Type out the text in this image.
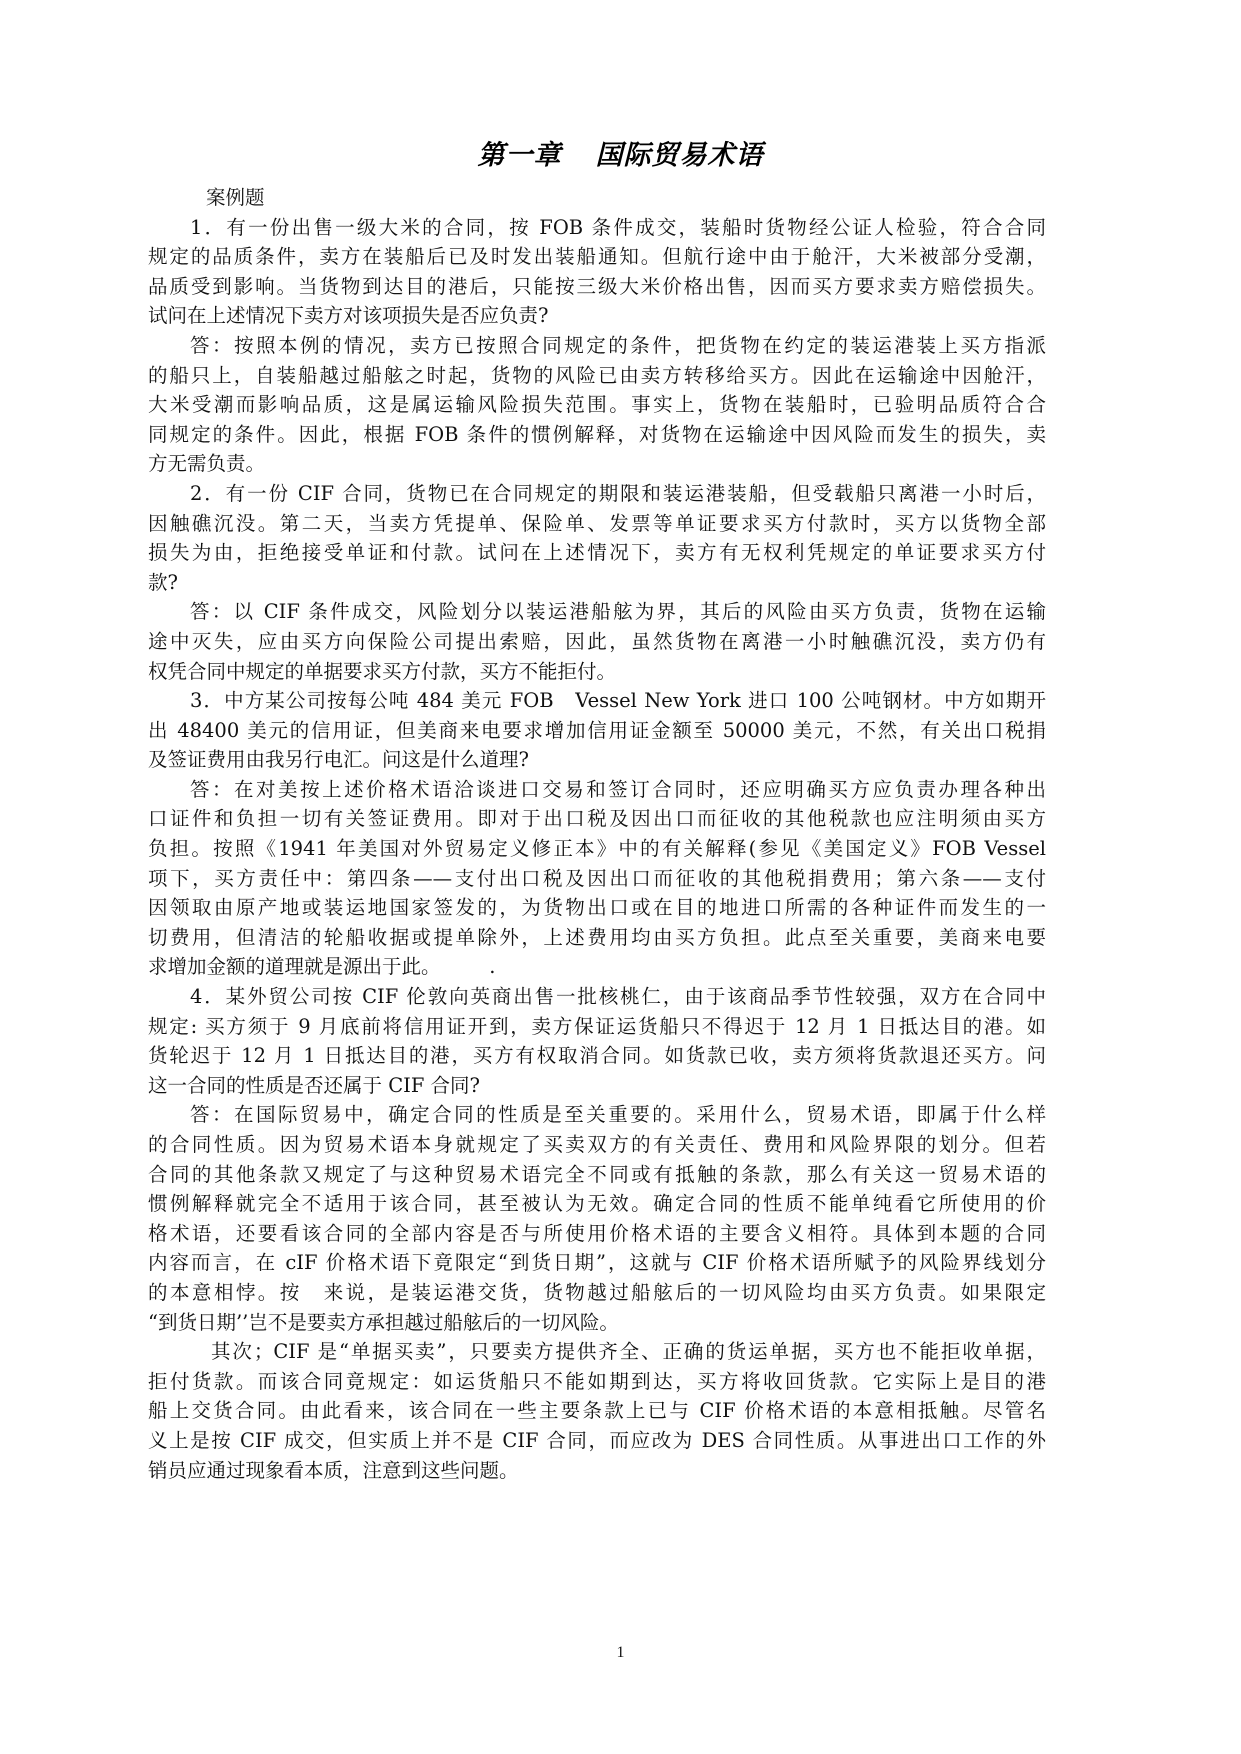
第一章 国际贸易术语
案例题
1．有一份出售一级大米的合同，按 FOB 条件成交，装船时货物经公证人检验，符合合同
规定的品质条件，卖方在装船后已及时发出装船通知。但航行途中由于舱汗，大米被部分受潮，
品质受到影响。当货物到达目的港后，只能按三级大米价格出售，因而买方要求卖方赔偿损失。
试问在上述情况下卖方对该项损失是否应负责?
答：按照本例的情况，卖方已按照合同规定的条件，把货物在约定的装运港装上买方指派
的船只上，自装船越过船舷之时起，货物的风险已由卖方转移给买方。因此在运输途中因舱汗，
大米受潮而影响品质，这是属运输风险损失范围。事实上，货物在装船时，已验明品质符合合
同规定的条件。因此，根据 FOB 条件的惯例解释，对货物在运输途中因风险而发生的损失，卖
方无需负责。
2．有一份 CIF 合同，货物已在合同规定的期限和装运港装船，但受载船只离港一小时后，
因触礁沉没。第二天，当卖方凭提单、保险单、发票等单证要求买方付款时，买方以货物全部
损失为由，拒绝接受单证和付款。试问在上述情况下，卖方有无权利凭规定的单证要求买方付
款?
答：以 CIF 条件成交，风险划分以装运港船舷为界，其后的风险由买方负责，货物在运输
途中灭失，应由买方向保险公司提出索赔，因此，虽然货物在离港一小时触礁沉没，卖方仍有
权凭合同中规定的单据要求买方付款，买方不能拒付。
3．中方某公司按每公吨 484 美元 FOB　Vessel New York 进口 100 公吨钢材。中方如期开
出 48400 美元的信用证，但美商来电要求增加信用证金额至 50000 美元，不然，有关出口税捐
及签证费用由我另行电汇。问这是什么道理?
答：在对美按上述价格术语洽谈进口交易和签订合同时，还应明确买方应负责办理各种出
口证件和负担一切有关签证费用。即对于出口税及因出口而征收的其他税款也应注明须由买方
负担。按照《1941 年美国对外贸易定义修正本》中的有关解释(参见《美国定义》FOB Vessel
项下，买方责任中：第四条——支付出口税及因出口而征收的其他税捐费用；第六条——支付
因领取由原产地或装运地国家签发的，为货物出口或在目的地进口所需的各种证件而发生的一
切费用，但清洁的轮船收据或提单除外，上述费用均由买方负担。此点至关重要，美商来电要
求增加金额的道理就是源出于此。　　　.
4．某外贸公司按 CIF 伦敦向英商出售一批核桃仁，由于该商品季节性较强，双方在合同中
规定: 买方须于 9 月底前将信用证开到，卖方保证运货船只不得迟于 12 月 1 日抵达目的港。如
货轮迟于 12 月 1 日抵达目的港，买方有权取消合同。如货款已收，卖方须将货款退还买方。问
这一合同的性质是否还属于 CIF 合同?
答：在国际贸易中，确定合同的性质是至关重要的。采用什么，贸易术语，即属于什么样
的合同性质。因为贸易术语本身就规定了买卖双方的有关责任、费用和风险界限的划分。但若
合同的其他条款又规定了与这种贸易术语完全不同或有抵触的条款，那么有关这一贸易术语的
惯例解释就完全不适用于该合同，甚至被认为无效。确定合同的性质不能单纯看它所使用的价
格术语，还要看该合同的全部内容是否与所使用价格术语的主要含义相符。具体到本题的合同
内容而言，在 cIF 价格术语下竟限定“到货日期”，这就与 CIF 价格术语所赋予的风险界线划分
的本意相悖。按　来说，是装运港交货，货物越过船舷后的一切风险均由买方负责。如果限定
“到货日期’’岂不是要卖方承担越过船舷后的一切风险。
其次；CIF 是“单据买卖”，只要卖方提供齐全、正确的货运单据，买方也不能拒收单据，
拒付货款。而该合同竟规定：如运货船只不能如期到达，买方将收回货款。它实际上是目的港
船上交货合同。由此看来，该合同在一些主要条款上已与 CIF 价格术语的本意相抵触。尽管名
义上是按 CIF 成交，但实质上并不是 CIF 合同，而应改为 DES 合同性质。从事进出口工作的外
销员应通过现象看本质，注意到这些问题。
1
